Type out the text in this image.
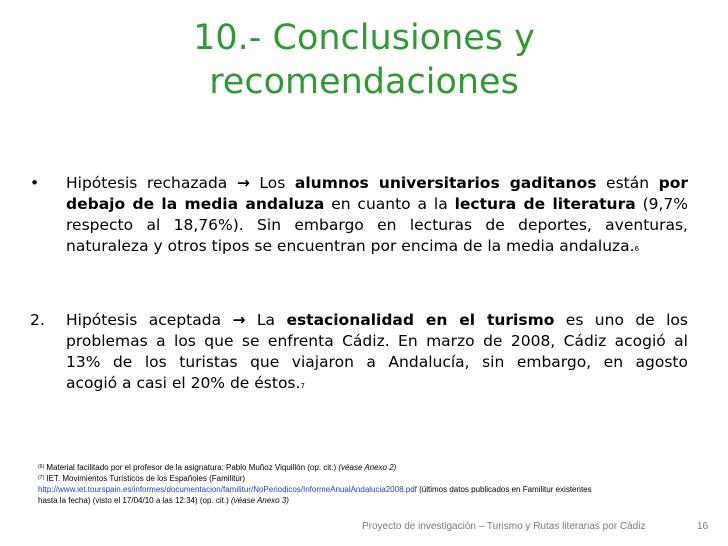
10.- Conclusiones y
recomendaciones
•	Hipótesis rechazada → Los alumnos universitarios gaditanos están por
debajo de la media andaluza en cuanto a la lectura de literatura (9,7%
respecto al 18,76%). Sin embargo en lecturas de deportes, aventuras,
naturaleza y otros tipos se encuentran por encima de la media andaluza.6
2.	Hipótesis aceptada → La estacionalidad en el turismo es uno de los
problemas a los que se enfrenta Cádiz. En marzo de 2008, Cádiz acogió al
13% de los turistas que viajaron a Andalucía, sin embargo, en agosto
acogió a casi el 20% de éstos.7
$^{(6)}$ Material facilitado por el profesor de la asignatura: Pablo Muñoz Viquillón (op. cit.) (véase Anexo 2)
$^{(7)}$ IET. Movimientos Turísticos de los Españoles (Familitur)
http://www.iet.tourspain.es/informes/documentacion/familitur/NoPeriodicos/InformeAnualAndalucia2008.pdf (últimos datos publicados en Familitur existentes
hasta la fecha) (visto el 17/04/10 a las 12:34) (op. cit.) (véase Anexo 3)
Proyecto de investigación – Turismo y Rutas literarias por Cádiz	16
